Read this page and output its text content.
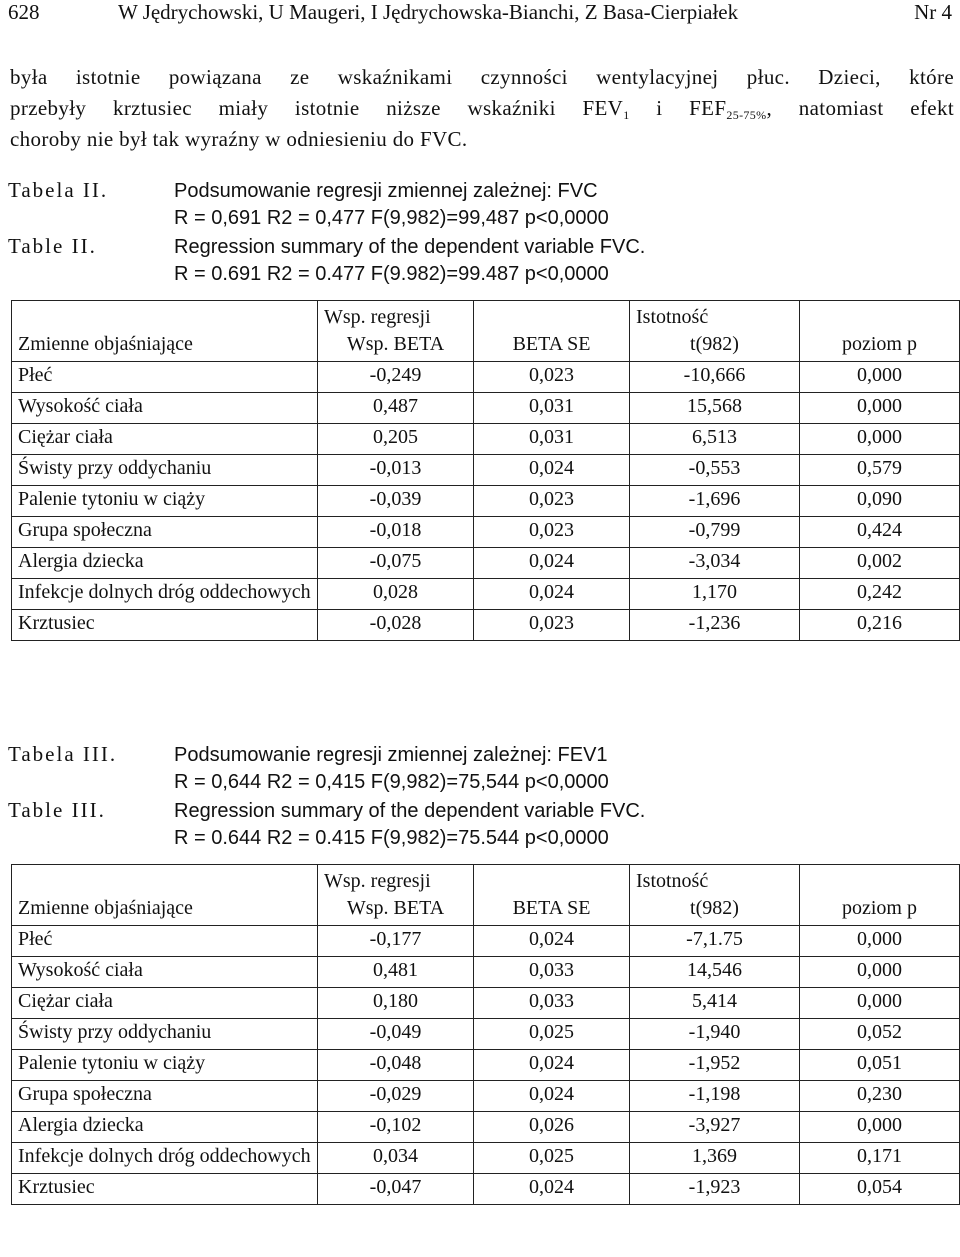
628	W Jędrychowski, U Maugeri, I Jędrychowska-Bianchi, Z Basa-Cierpiałek	Nr 4
była istotnie powiązana ze wskaźnikami czynności wentylacyjnej płuc. Dzieci, które
przebyły krztusiec miały istotnie niższe wskaźniki $FEV_1$ i $FEF_{25-75\%}$, natomiast efekt
choroby nie był tak wyraźny w odniesieniu do FVC.
Tabela II.	Podsumowanie regresji zmiennej zależnej: FVC
R = 0,691 R2 = 0,477 F(9,982)=99,487 p<0,0000
Table II.	Regression summary of the dependent variable FVC.
R = 0.691 R2 = 0.477 F(9.982)=99.487 p<0,0000
	Wsp. regresji		Istotność	
Zmienne objaśniające	Wsp. BETA	BETA SE	t(982)	poziom p
Płeć	-0,249	0,023	-10,666	0,000
Wysokość ciała	0,487	0,031	15,568	0,000
Ciężar ciała	0,205	0,031	6,513	0,000
Świsty przy oddychaniu	-0,013	0,024	-0,553	0,579
Palenie tytoniu w ciąży	-0,039	0,023	-1,696	0,090
Grupa społeczna	-0,018	0,023	-0,799	0,424
Alergia dziecka	-0,075	0,024	-3,034	0,002
Infekcje dolnych dróg oddechowych	0,028	0,024	1,170	0,242
Krztusiec	-0,028	0,023	-1,236	0,216
Tabela III.	Podsumowanie regresji zmiennej zależnej: FEV1
R = 0,644 R2 = 0,415 F(9,982)=75,544 p<0,0000
Table III.	Regression summary of the dependent variable FVC.
R = 0.644 R2 = 0.415 F(9,982)=75.544 p<0,0000
	Wsp. regresji		Istotność	
Zmienne objaśniające	Wsp. BETA	BETA SE	t(982)	poziom p
Płeć	-0,177	0,024	-7,1.75	0,000
Wysokość ciała	0,481	0,033	14,546	0,000
Ciężar ciała	0,180	0,033	5,414	0,000
Świsty przy oddychaniu	-0,049	0,025	-1,940	0,052
Palenie tytoniu w ciąży	-0,048	0,024	-1,952	0,051
Grupa społeczna	-0,029	0,024	-1,198	0,230
Alergia dziecka	-0,102	0,026	-3,927	0,000
Infekcje dolnych dróg oddechowych	0,034	0,025	1,369	0,171
Krztusiec	-0,047	0,024	-1,923	0,054
